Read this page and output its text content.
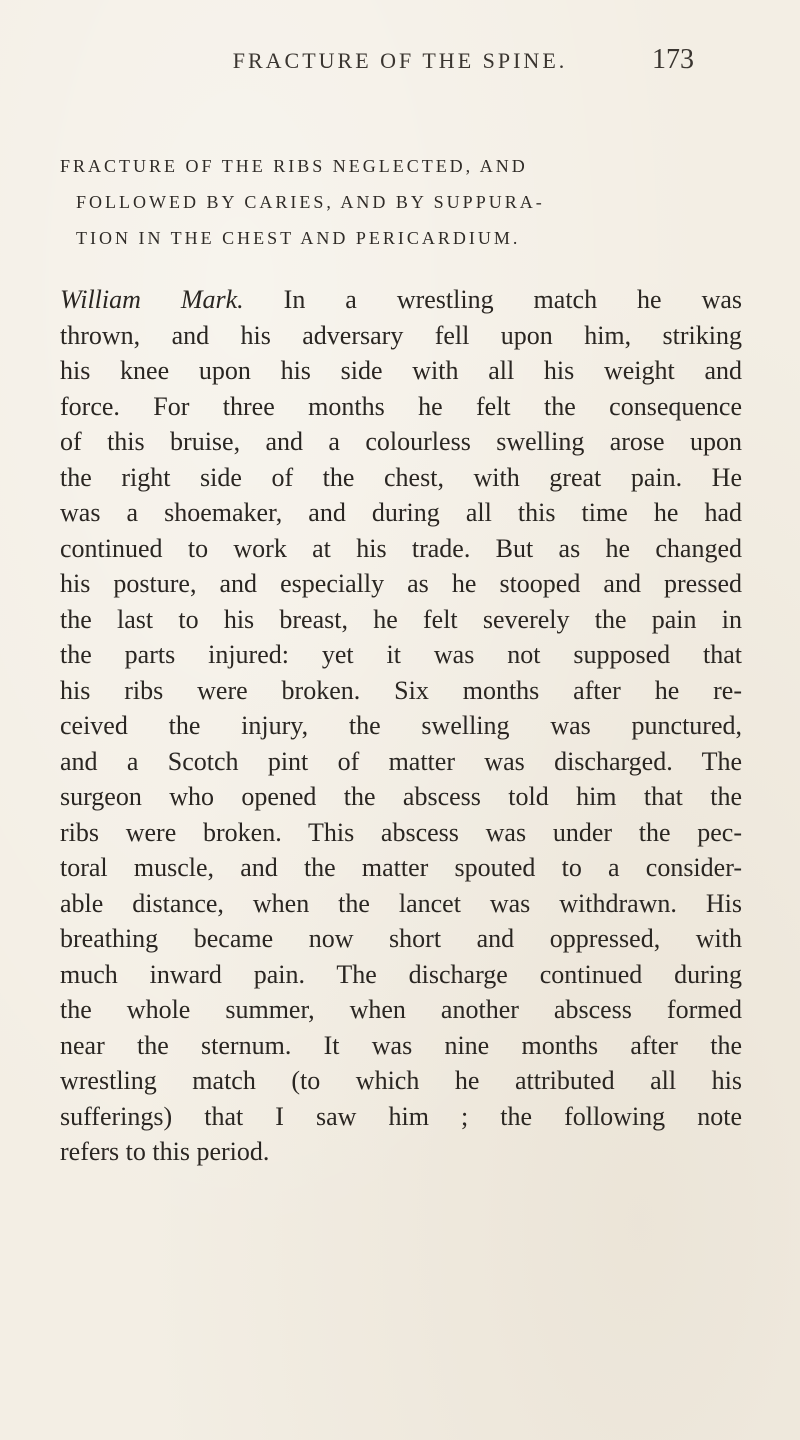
FRACTURE OF THE SPINE.	173
FRACTURE OF THE RIBS NEGLECTED, AND
FOLLOWED BY CARIES, AND BY SUPPURA-
TION IN THE CHEST AND PERICARDIUM.
William Mark. In a wrestling match he was
thrown, and his adversary fell upon him, striking
his knee upon his side with all his weight and
force. For three months he felt the consequence
of this bruise, and a colourless swelling arose upon
the right side of the chest, with great pain. He
was a shoemaker, and during all this time he had
continued to work at his trade. But as he changed
his posture, and especially as he stooped and pressed
the last to his breast, he felt severely the pain in
the parts injured: yet it was not supposed that
his ribs were broken. Six months after he re-
ceived the injury, the swelling was punctured,
and a Scotch pint of matter was discharged. The
surgeon who opened the abscess told him that the
ribs were broken. This abscess was under the pec-
toral muscle, and the matter spouted to a consider-
able distance, when the lancet was withdrawn. His
breathing became now short and oppressed, with
much inward pain. The discharge continued during
the whole summer, when another abscess formed
near the sternum. It was nine months after the
wrestling match (to which he attributed all his
sufferings) that I saw him ; the following note
refers to this period.
